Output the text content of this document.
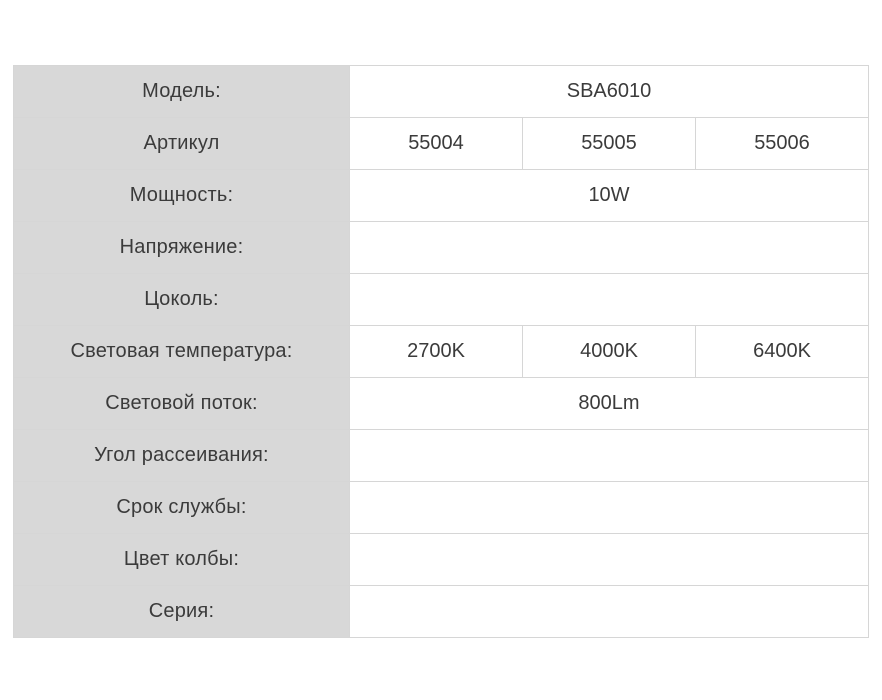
Модель:	SBA6010		
Артикул	55004	55005	55006
Мощность:	10W		
Напряжение:			
Цоколь:			
Световая температура:	2700K	4000K	6400K
Световой поток:	800Lm		
Угол рассеивания:			
Срок службы:			
Цвет колбы:			
Серия:			
